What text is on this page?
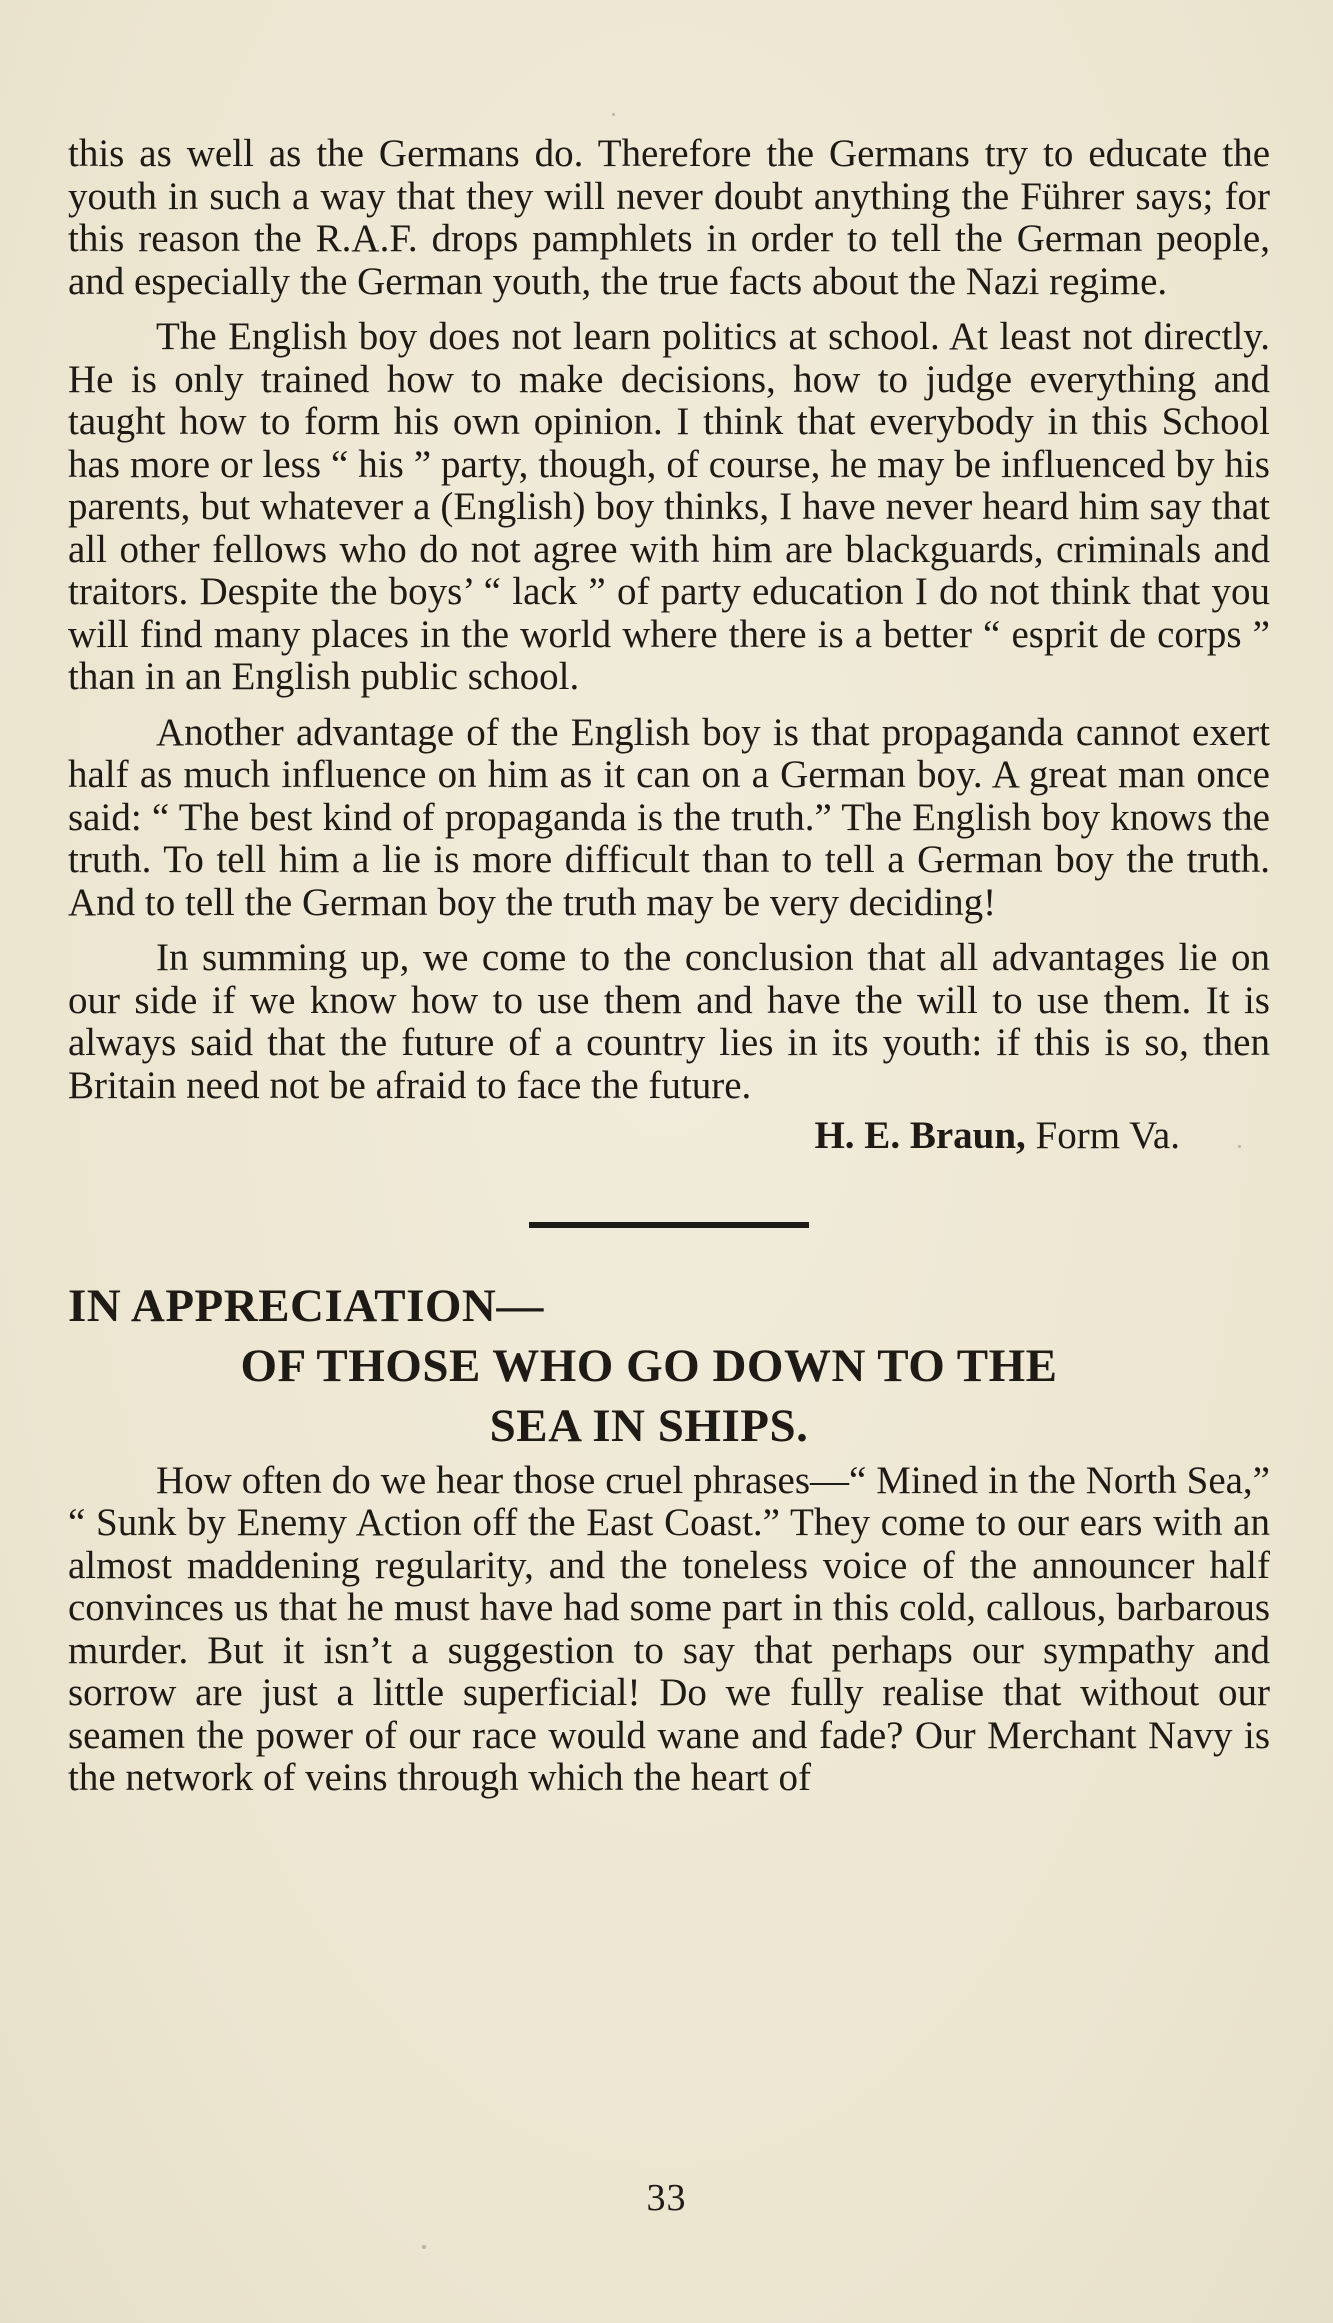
this as well as the Germans do. Therefore the Germans try to educate the youth in such a way that they will never doubt anything the Führer says; for this reason the R.A.F. drops pamphlets in order to tell the German people, and especially the German youth, the true facts about the Nazi regime.

The English boy does not learn politics at school. At least not directly. He is only trained how to make decisions, how to judge everything and taught how to form his own opinion. I think that everybody in this School has more or less “ his ” party, though, of course, he may be influenced by his parents, but whatever a (English) boy thinks, I have never heard him say that all other fellows who do not agree with him are blackguards, criminals and traitors. Despite the boys’ “ lack ” of party education I do not think that you will find many places in the world where there is a better “ esprit de corps ” than in an English public school.

Another advantage of the English boy is that propaganda cannot exert half as much influence on him as it can on a German boy. A great man once said: “ The best kind of propaganda is the truth.” The English boy knows the truth. To tell him a lie is more difficult than to tell a German boy the truth. And to tell the German boy the truth may be very deciding!

In summing up, we come to the conclusion that all advantages lie on our side if we know how to use them and have the will to use them. It is always said that the future of a country lies in its youth: if this is so, then Britain need not be afraid to face the future.

H. E. Braun, Form Va.
IN APPRECIATION—
OF THOSE WHO GO DOWN TO THE
SEA IN SHIPS.

How often do we hear those cruel phrases—“ Mined in the North Sea,” “ Sunk by Enemy Action off the East Coast.” They come to our ears with an almost maddening regularity, and the toneless voice of the announcer half convinces us that he must have had some part in this cold, callous, barbarous murder. But it isn’t a suggestion to say that perhaps our sympathy and sorrow are just a little superficial! Do we fully realise that without our seamen the power of our race would wane and fade? Our Merchant Navy is the network of veins through which the heart of

33
